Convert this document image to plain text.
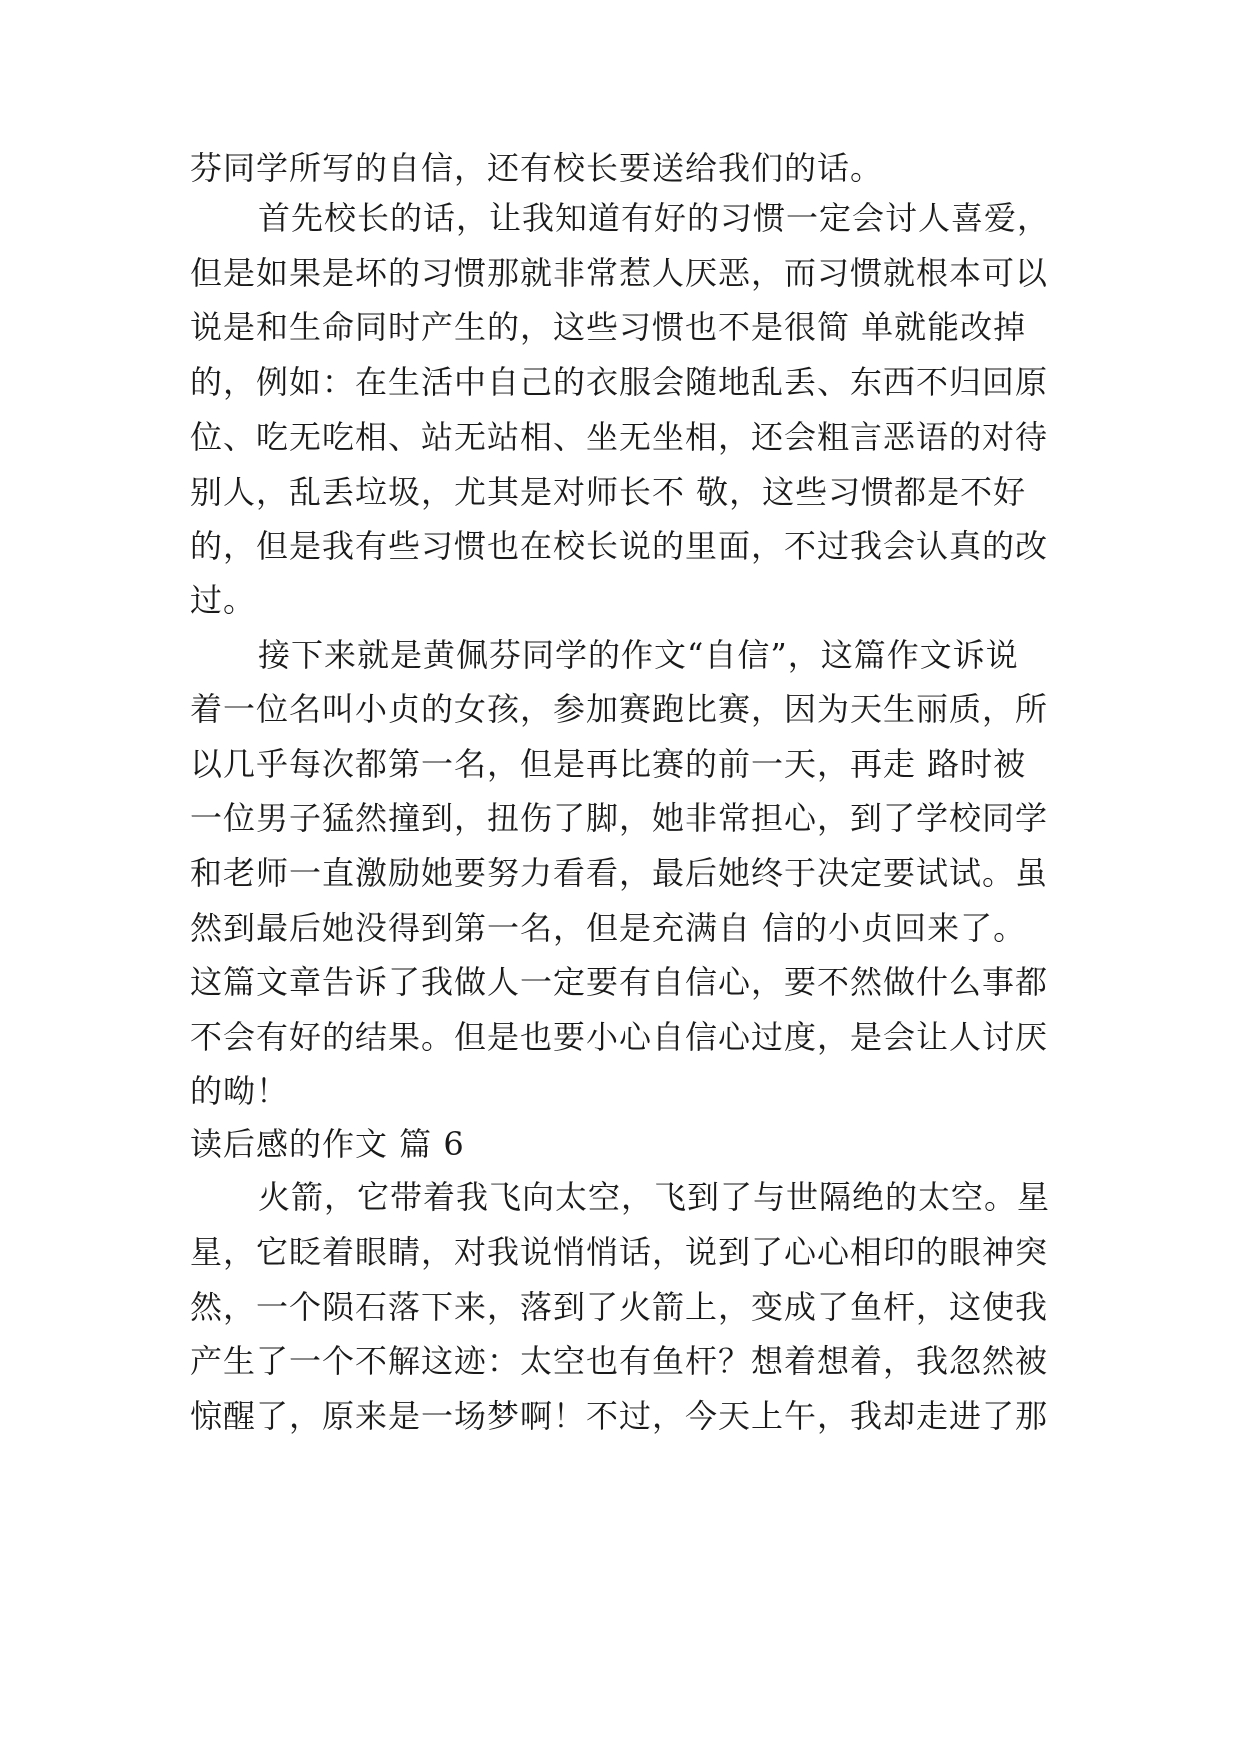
芬同学所写的自信，还有校长要送给我们的话。
首先校长的话，让我知道有好的习惯一定会讨人喜爱，
但是如果是坏的习惯那就非常惹人厌恶，而习惯就根本可以
说是和生命同时产生的，这些习惯也不是很简 单就能改掉
的，例如：在生活中自己的衣服会随地乱丢、东西不归回原
位、吃无吃相、站无站相、坐无坐相，还会粗言恶语的对待
别人，乱丢垃圾，尤其是对师长不 敬，这些习惯都是不好
的，但是我有些习惯也在校长说的里面，不过我会认真的改
过。
接下来就是黄佩芬同学的作文“自信”，这篇作文诉说
着一位名叫小贞的女孩，参加赛跑比赛，因为天生丽质，所
以几乎每次都第一名，但是再比赛的前一天，再走 路时被
一位男子猛然撞到，扭伤了脚，她非常担心，到了学校同学
和老师一直激励她要努力看看，最后她终于决定要试试。虽
然到最后她没得到第一名，但是充满自 信的小贞回来了。
这篇文章告诉了我做人一定要有自信心，要不然做什么事都
不会有好的结果。但是也要小心自信心过度，是会让人讨厌
的呦！
读后感的作文 篇 6
火箭，它带着我飞向太空，飞到了与世隔绝的太空。星
星，它眨着眼睛，对我说悄悄话，说到了心心相印的眼神突
然，一个陨石落下来，落到了火箭上，变成了鱼杆，这使我
产生了一个不解这迹：太空也有鱼杆？想着想着，我忽然被
惊醒了，原来是一场梦啊！不过，今天上午，我却走进了那
